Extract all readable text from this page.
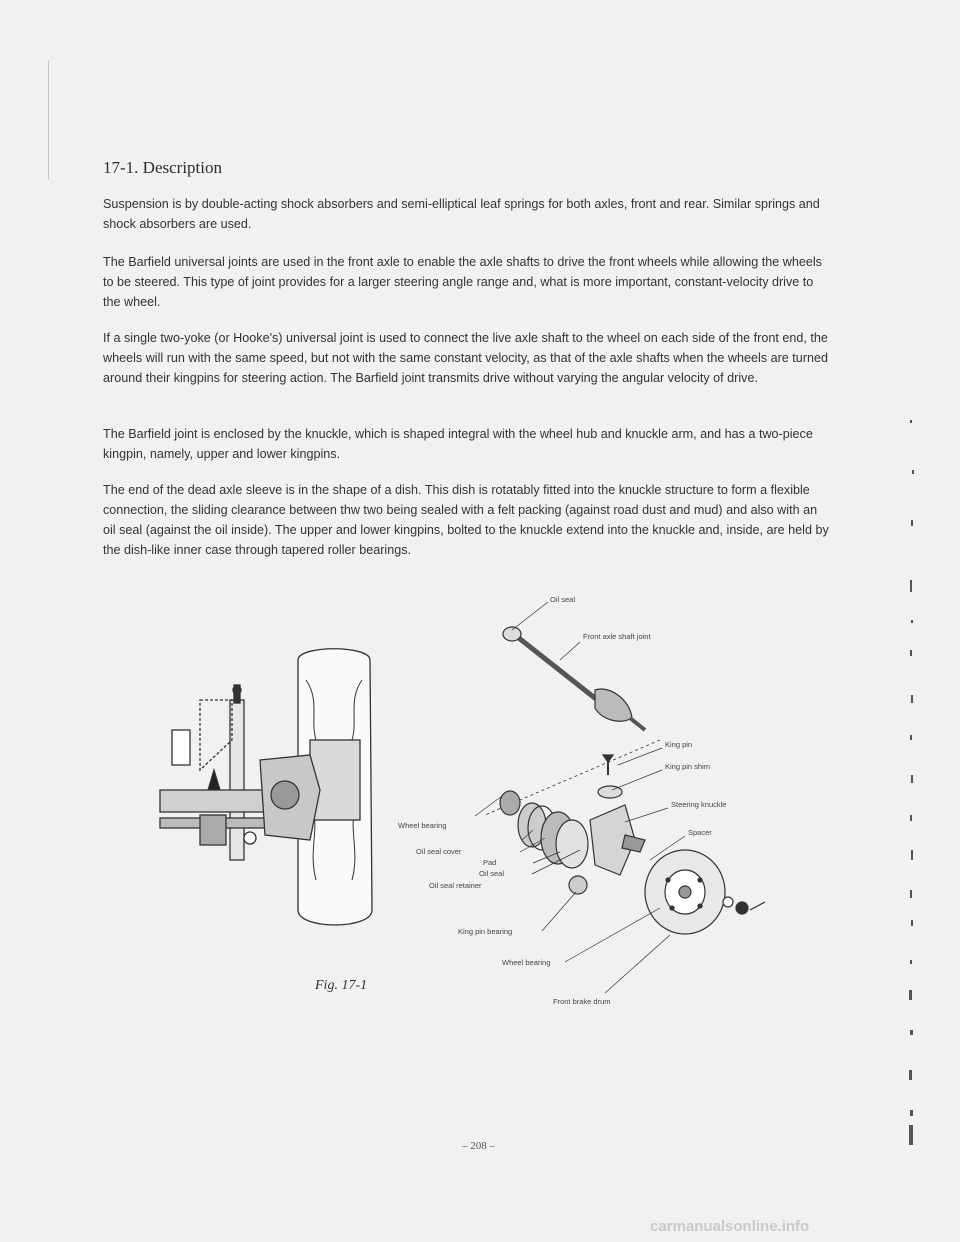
17-1. Description

Suspension is by double-acting shock absorbers and semi-elliptical leaf springs for both axles, front and rear. Similar springs and shock absorbers are used.

The Barfield universal joints are used in the front axle to enable the axle shafts to drive the front wheels while allowing the wheels to be steered. This type of joint provides for a larger steering angle range and, what is more important, constant-velocity drive to the wheel.

If a single two-yoke (or Hooke's) universal joint is used to connect the live axle shaft to the wheel on each side of the front end, the wheels will run with the same speed, but not with the same constant velocity, as that of the axle shafts when the wheels are turned around their kingpins for steering action. The Barfield joint transmits drive without varying the angular velocity of drive.

The Barfield joint is enclosed by the knuckle, which is shaped integral with the wheel hub and knuckle arm, and has a two-piece kingpin, namely, upper and lower kingpins.

The end of the dead axle sleeve is in the shape of a dish. This dish is rotatably fitted into the knuckle structure to form a flexible connection, the sliding clearance between thw two being sealed with a felt packing (against road dust and mud) and also with an oil seal (against the oil inside). The upper and lower kingpins, bolted to the knuckle extend into the knuckle and, inside, are held by the dish-like inner case through tapered roller bearings.

Oil seal
Front axle shaft joint
King pin
King pin shim
Steering knuckle
Spacer
Wheel bearing
Oil seal cover
Pad
Oil seal
Oil seal retainer
King pin bearing
Wheel bearing
Front brake drum
Fig. 17-1
– 208 –
carmanualsonline.info
